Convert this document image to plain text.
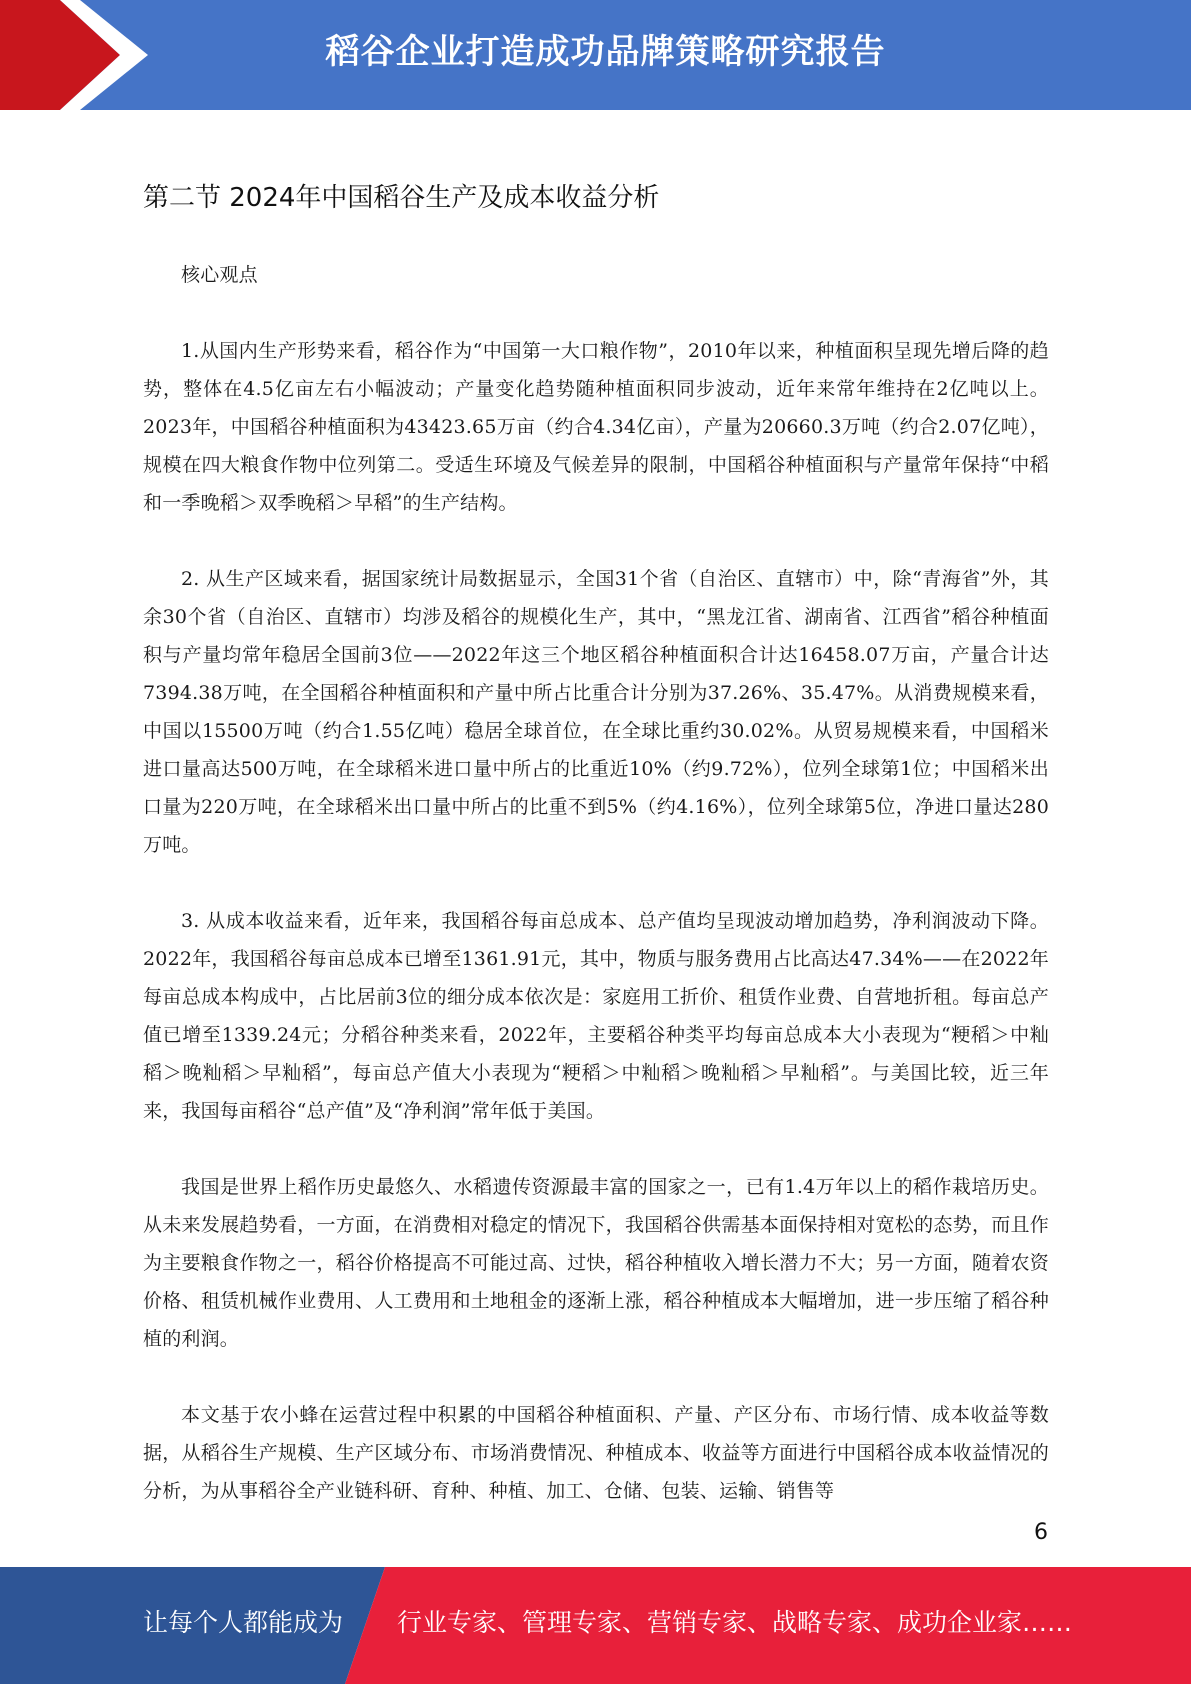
稻谷企业打造成功品牌策略研究报告
第二节 2024年中国稻谷生产及成本收益分析

核心观点

1.从国内生产形势来看，稻谷作为“中国第一大口粮作物”，2010年以来，种植面积呈现先增后降的趋势，整体在4.5亿亩左右小幅波动；产量变化趋势随种植面积同步波动，近年来常年维持在2亿吨以上。2023年，中国稻谷种植面积为43423.65万亩（约合4.34亿亩），产量为20660.3万吨（约合2.07亿吨），规模在四大粮食作物中位列第二。受适生环境及气候差异的限制，中国稻谷种植面积与产量常年保持“中稻和一季晚稻＞双季晚稻＞早稻”的生产结构。

2. 从生产区域来看，据国家统计局数据显示，全国31个省（自治区、直辖市）中，除“青海省”外，其余30个省（自治区、直辖市）均涉及稻谷的规模化生产，其中，“黑龙江省、湖南省、江西省”稻谷种植面积与产量均常年稳居全国前3位——2022年这三个地区稻谷种植面积合计达16458.07万亩，产量合计达7394.38万吨，在全国稻谷种植面积和产量中所占比重合计分别为37.26%、35.47%。从消费规模来看，中国以15500万吨（约合1.55亿吨）稳居全球首位，在全球比重约30.02%。从贸易规模来看，中国稻米进口量高达500万吨，在全球稻米进口量中所占的比重近10%（约9.72%），位列全球第1位；中国稻米出口量为220万吨，在全球稻米出口量中所占的比重不到5%（约4.16%），位列全球第5位，净进口量达280万吨。

3. 从成本收益来看，近年来，我国稻谷每亩总成本、总产值均呈现波动增加趋势，净利润波动下降。2022年，我国稻谷每亩总成本已增至1361.91元，其中，物质与服务费用占比高达47.34%——在2022年每亩总成本构成中，占比居前3位的细分成本依次是：家庭用工折价、租赁作业费、自营地折租。每亩总产值已增至1339.24元；分稻谷种类来看，2022年，主要稻谷种类平均每亩总成本大小表现为“粳稻＞中籼稻＞晚籼稻＞早籼稻”，每亩总产值大小表现为“粳稻＞中籼稻＞晚籼稻＞早籼稻”。与美国比较，近三年来，我国每亩稻谷“总产值”及“净利润”常年低于美国。

我国是世界上稻作历史最悠久、水稻遗传资源最丰富的国家之一，已有1.4万年以上的稻作栽培历史。从未来发展趋势看，一方面，在消费相对稳定的情况下，我国稻谷供需基本面保持相对宽松的态势，而且作为主要粮食作物之一，稻谷价格提高不可能过高、过快，稻谷种植收入增长潜力不大；另一方面，随着农资价格、租赁机械作业费用、人工费用和土地租金的逐渐上涨，稻谷种植成本大幅增加，进一步压缩了稻谷种植的利润。

本文基于农小蜂在运营过程中积累的中国稻谷种植面积、产量、产区分布、市场行情、成本收益等数据，从稻谷生产规模、生产区域分布、市场消费情况、种植成本、收益等方面进行中国稻谷成本收益情况的分析，为从事稻谷全产业链科研、育种、种植、加工、仓储、包装、运输、销售等

6
让每个人都能成为 行业专家、管理专家、营销专家、战略专家、成功企业家……
